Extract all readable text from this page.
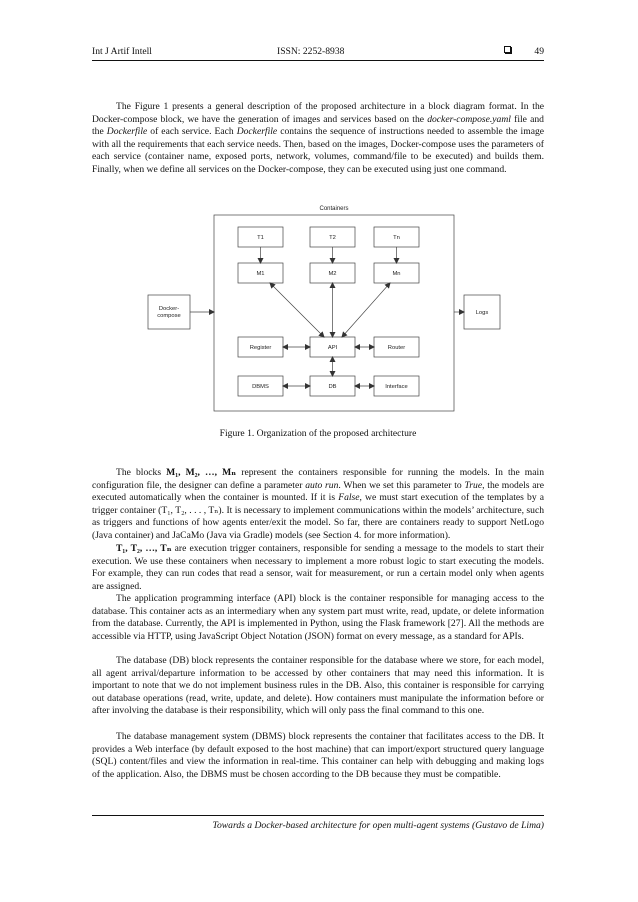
Int J Artif Intell	ISSN: 2252-8938	49

The Figure 1 presents a general description of the proposed architecture in a block diagram format. In the Docker-compose block, we have the generation of images and services based on the docker-compose.yaml file and the Dockerfile of each service. Each Dockerfile contains the sequence of instructions needed to assemble the image with all the requirements that each service needs. Then, based on the images, Docker-compose uses the parameters of each service (container name, exposed ports, network, volumes, command/file to be executed) and builds them. Finally, when we define all services on the Docker-compose, they can be executed using just one command.

Containers
T1	T2	Tn
M1	M2	Mn
Register	API	Router
DBMS	DB	Interface
Docker-
compose	Logs
Figure 1. Organization of the proposed architecture

The blocks M₁, M₂, …, Mₙ represent the containers responsible for running the models. In the main configuration file, the designer can define a parameter auto run. When we set this parameter to True, the models are executed automatically when the container is mounted. If it is False, we must start execution of the templates by a trigger container (T₁, T₂, . . . , Tₙ). It is necessary to implement communications within the models’ architecture, such as triggers and functions of how agents enter/exit the model. So far, there are containers ready to support NetLogo (Java container) and JaCaMo (Java via Gradle) models (see Section 4. for more information).

T₁, T₂, …, Tₙ are execution trigger containers, responsible for sending a message to the models to start their execution. We use these containers when necessary to implement a more robust logic to start executing the models. For example, they can run codes that read a sensor, wait for measurement, or run a certain model only when agents are assigned.

The application programming interface (API) block is the container responsible for managing access to the database. This container acts as an intermediary when any system part must write, read, update, or delete information from the database. Currently, the API is implemented in Python, using the Flask framework [27]. All the methods are accessible via HTTP, using JavaScript Object Notation (JSON) format on every message, as a standard for APIs.

The database (DB) block represents the container responsible for the database where we store, for each model, all agent arrival/departure information to be accessed by other containers that may need this information. It is important to note that we do not implement business rules in the DB. Also, this container is responsible for carrying out database operations (read, write, update, and delete). How containers must manipulate the information before or after involving the database is their responsibility, which will only pass the final command to this one.

The database management system (DBMS) block represents the container that facilitates access to the DB. It provides a Web interface (by default exposed to the host machine) that can import/export structured query language (SQL) content/files and view the information in real-time. This container can help with debugging and making logs of the application. Also, the DBMS must be chosen according to the DB because they must be compatible.

Towards a Docker-based architecture for open multi-agent systems (Gustavo de Lima)
